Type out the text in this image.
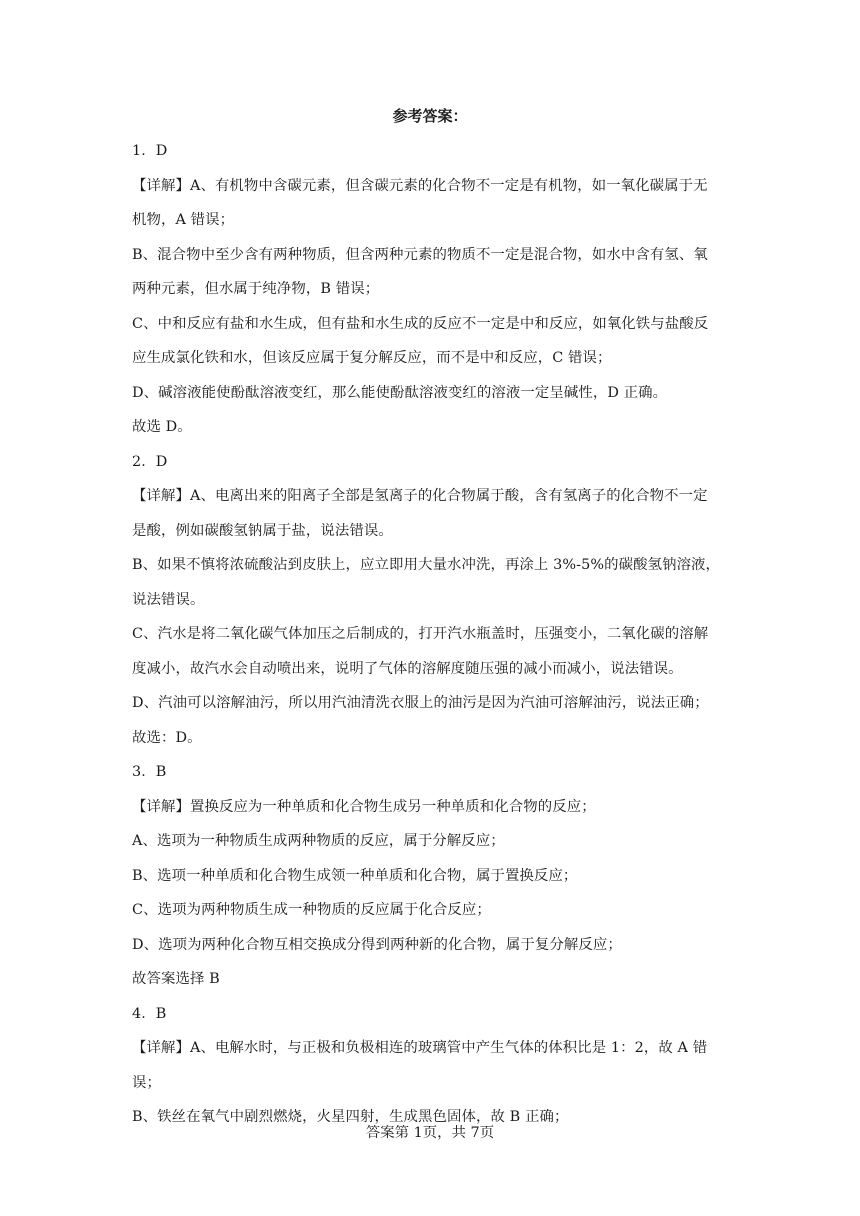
参考答案：
1．D
【详解】A、有机物中含碳元素，但含碳元素的化合物不一定是有机物，如一氧化碳属于无
机物，A 错误；
B、混合物中至少含有两种物质，但含两种元素的物质不一定是混合物，如水中含有氢、氧
两种元素，但水属于纯净物，B 错误；
C、中和反应有盐和水生成，但有盐和水生成的反应不一定是中和反应，如氧化铁与盐酸反
应生成氯化铁和水，但该反应属于复分解反应，而不是中和反应，C 错误；
D、碱溶液能使酚酞溶液变红，那么能使酚酞溶液变红的溶液一定呈碱性，D 正确。
故选 D。
2．D
【详解】A、电离出来的阳离子全部是氢离子的化合物属于酸，含有氢离子的化合物不一定
是酸，例如碳酸氢钠属于盐，说法错误。
B、如果不慎将浓硫酸沾到皮肤上，应立即用大量水冲洗，再涂上 3%-5%的碳酸氢钠溶液，
说法错误。
C、汽水是将二氧化碳气体加压之后制成的，打开汽水瓶盖时，压强变小，二氧化碳的溶解
度减小，故汽水会自动喷出来，说明了气体的溶解度随压强的减小而减小，说法错误。
D、汽油可以溶解油污，所以用汽油清洗衣服上的油污是因为汽油可溶解油污，说法正确；
故选：D。
3．B
【详解】置换反应为一种单质和化合物生成另一种单质和化合物的反应；
A、选项为一种物质生成两种物质的反应，属于分解反应；
B、选项一种单质和化合物生成领一种单质和化合物，属于置换反应；
C、选项为两种物质生成一种物质的反应属于化合反应；
D、选项为两种化合物互相交换成分得到两种新的化合物，属于复分解反应；
故答案选择 B
4．B
【详解】A、电解水时，与正极和负极相连的玻璃管中产生气体的体积比是 1：2，故 A 错
误；
B、铁丝在氧气中剧烈燃烧，火星四射，生成黑色固体，故 B 正确；
答案第 1页，共 7页
